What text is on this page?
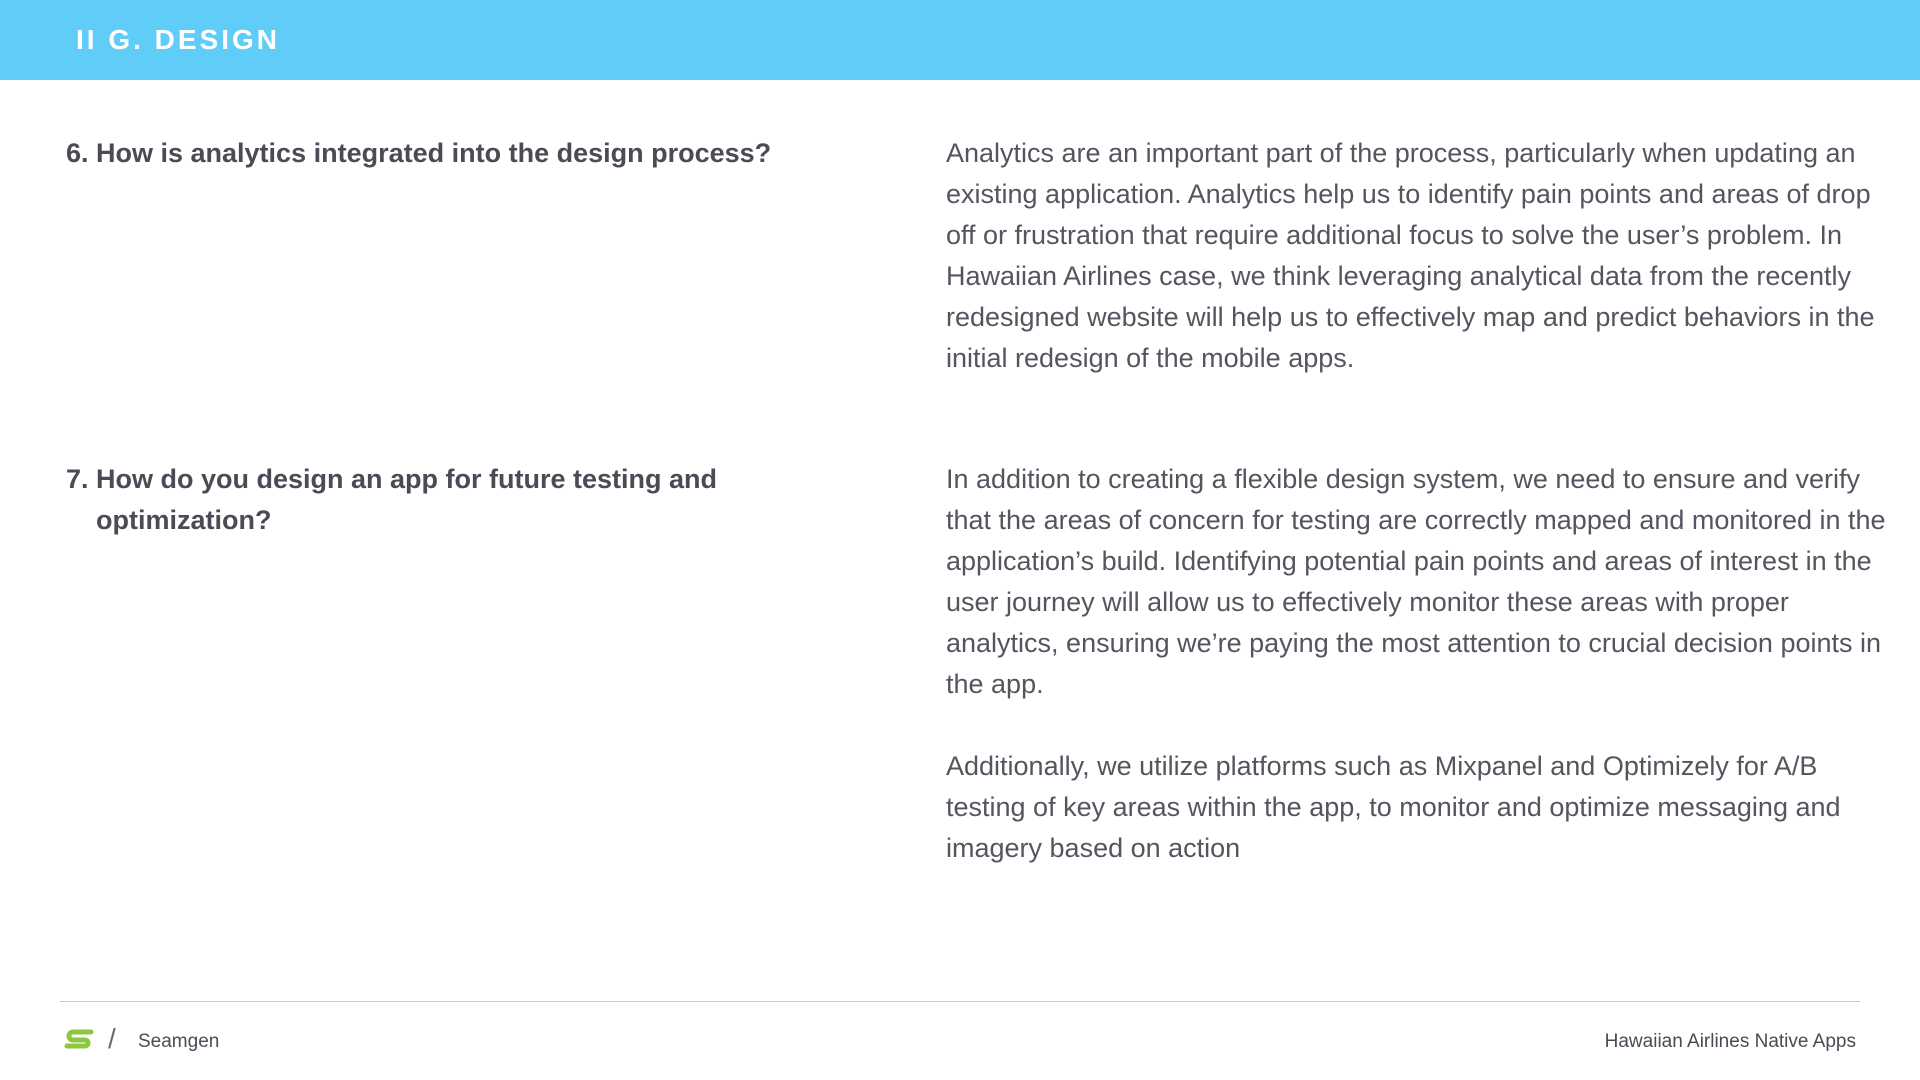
II G. DESIGN
6. How is analytics integrated into the design process?	Analytics are an important part of the process, particularly when updating an existing application. Analytics help us to identify pain points and areas of drop off or frustration that require additional focus to solve the user’s problem. In Hawaiian Airlines case, we think leveraging analytical data from the recently redesigned website will help us to effectively map and predict behaviors in the initial redesign of the mobile apps.

7. How do you design an app for future testing and optimization?

In addition to creating a flexible design system, we need to ensure and verify that the areas of concern for testing are correctly mapped and monitored in the application’s build. Identifying potential pain points and areas of interest in the user journey will allow us to effectively monitor these areas with proper analytics, ensuring we’re paying the most attention to crucial decision points in the app.

Additionally, we utilize platforms such as Mixpanel and Optimizely for A/B testing of key areas within the app, to monitor and optimize messaging and imagery based on action

/ Seamgen	Hawaiian Airlines Native Apps
